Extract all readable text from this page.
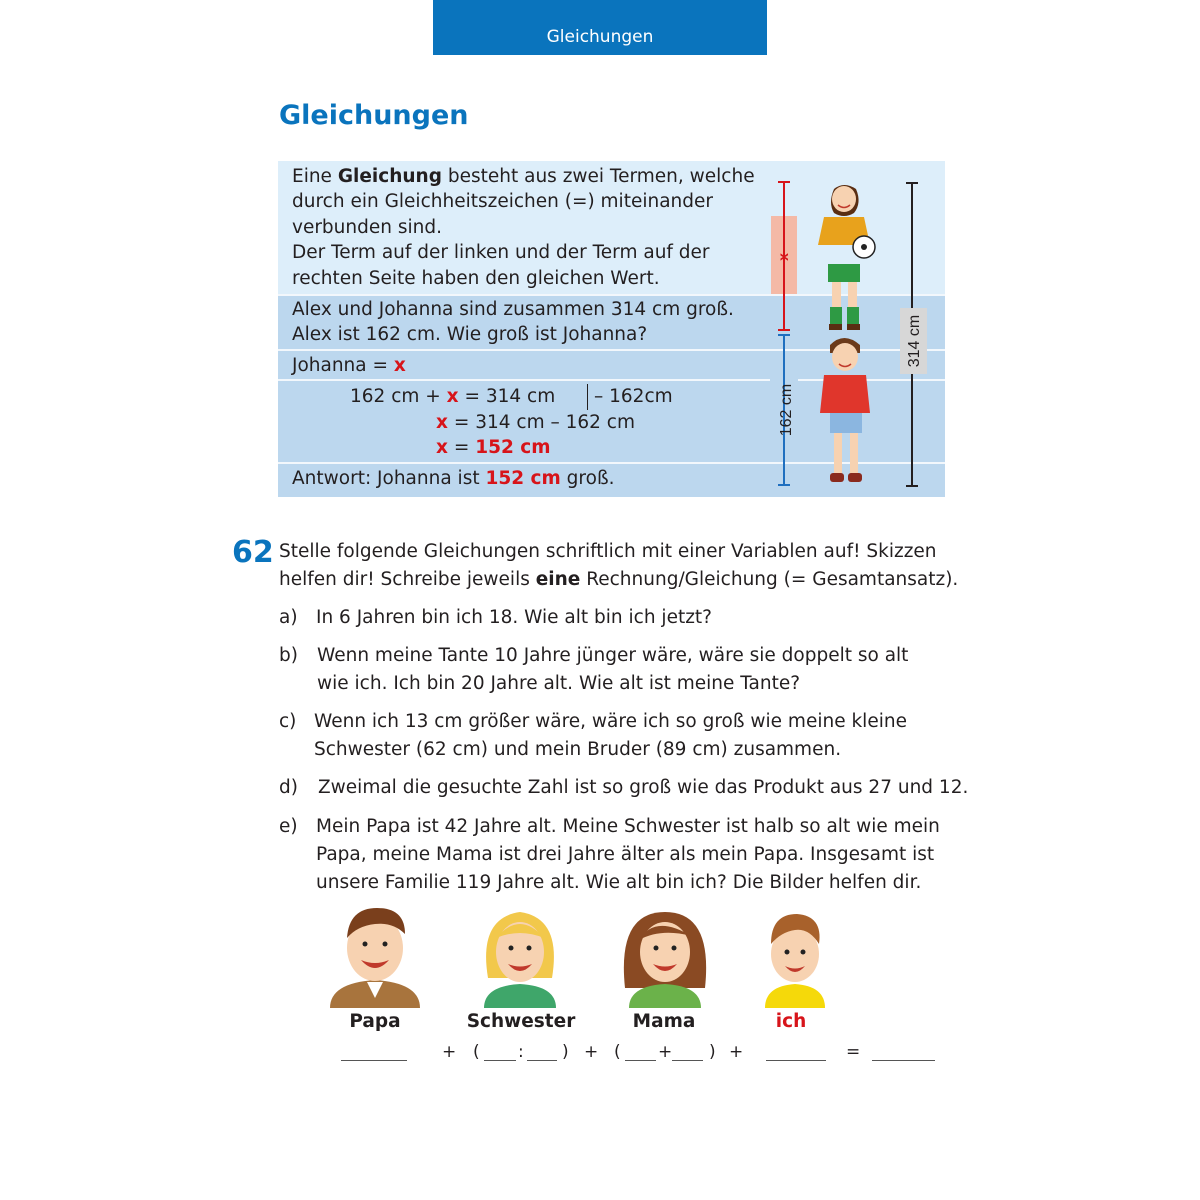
Gleichungen
Gleichungen
Eine Gleichung besteht aus zwei Termen, welche
durch ein Gleichheitszeichen (=) miteinander
verbunden sind.
Der Term auf der linken und der Term auf der
rechten Seite haben den gleichen Wert.
Alex und Johanna sind zusammen 314 cm groß.
Alex ist 162 cm. Wie groß ist Johanna?
Johanna = x
162 cm + x = 314 cm	– 162cm
x = 314 cm – 162 cm
x = 152 cm
Antwort: Johanna ist 152 cm groß.
x
162 cm
314 cm
62 Stelle folgende Gleichungen schriftlich mit einer Variablen auf! Skizzen
helfen dir! Schreibe jeweils eine Rechnung/Gleichung (= Gesamtansatz).
a) In 6 Jahren bin ich 18. Wie alt bin ich jetzt?
b) Wenn meine Tante 10 Jahre jünger wäre, wäre sie doppelt so alt
wie ich. Ich bin 20 Jahre alt. Wie alt ist meine Tante?
c) Wenn ich 13 cm größer wäre, wäre ich so groß wie meine kleine
Schwester (62 cm) und mein Bruder (89 cm) zusammen.
d) Zweimal die gesuchte Zahl ist so groß wie das Produkt aus 27 und 12.
e) Mein Papa ist 42 Jahre alt. Meine Schwester ist halb so alt wie mein
Papa, meine Mama ist drei Jahre älter als mein Papa. Insgesamt ist
unsere Familie 119 Jahre alt. Wie alt bin ich? Die Bilder helfen dir.
Papa	Schwester	Mama	ich
+ ( : ) + ( + ) +	=
